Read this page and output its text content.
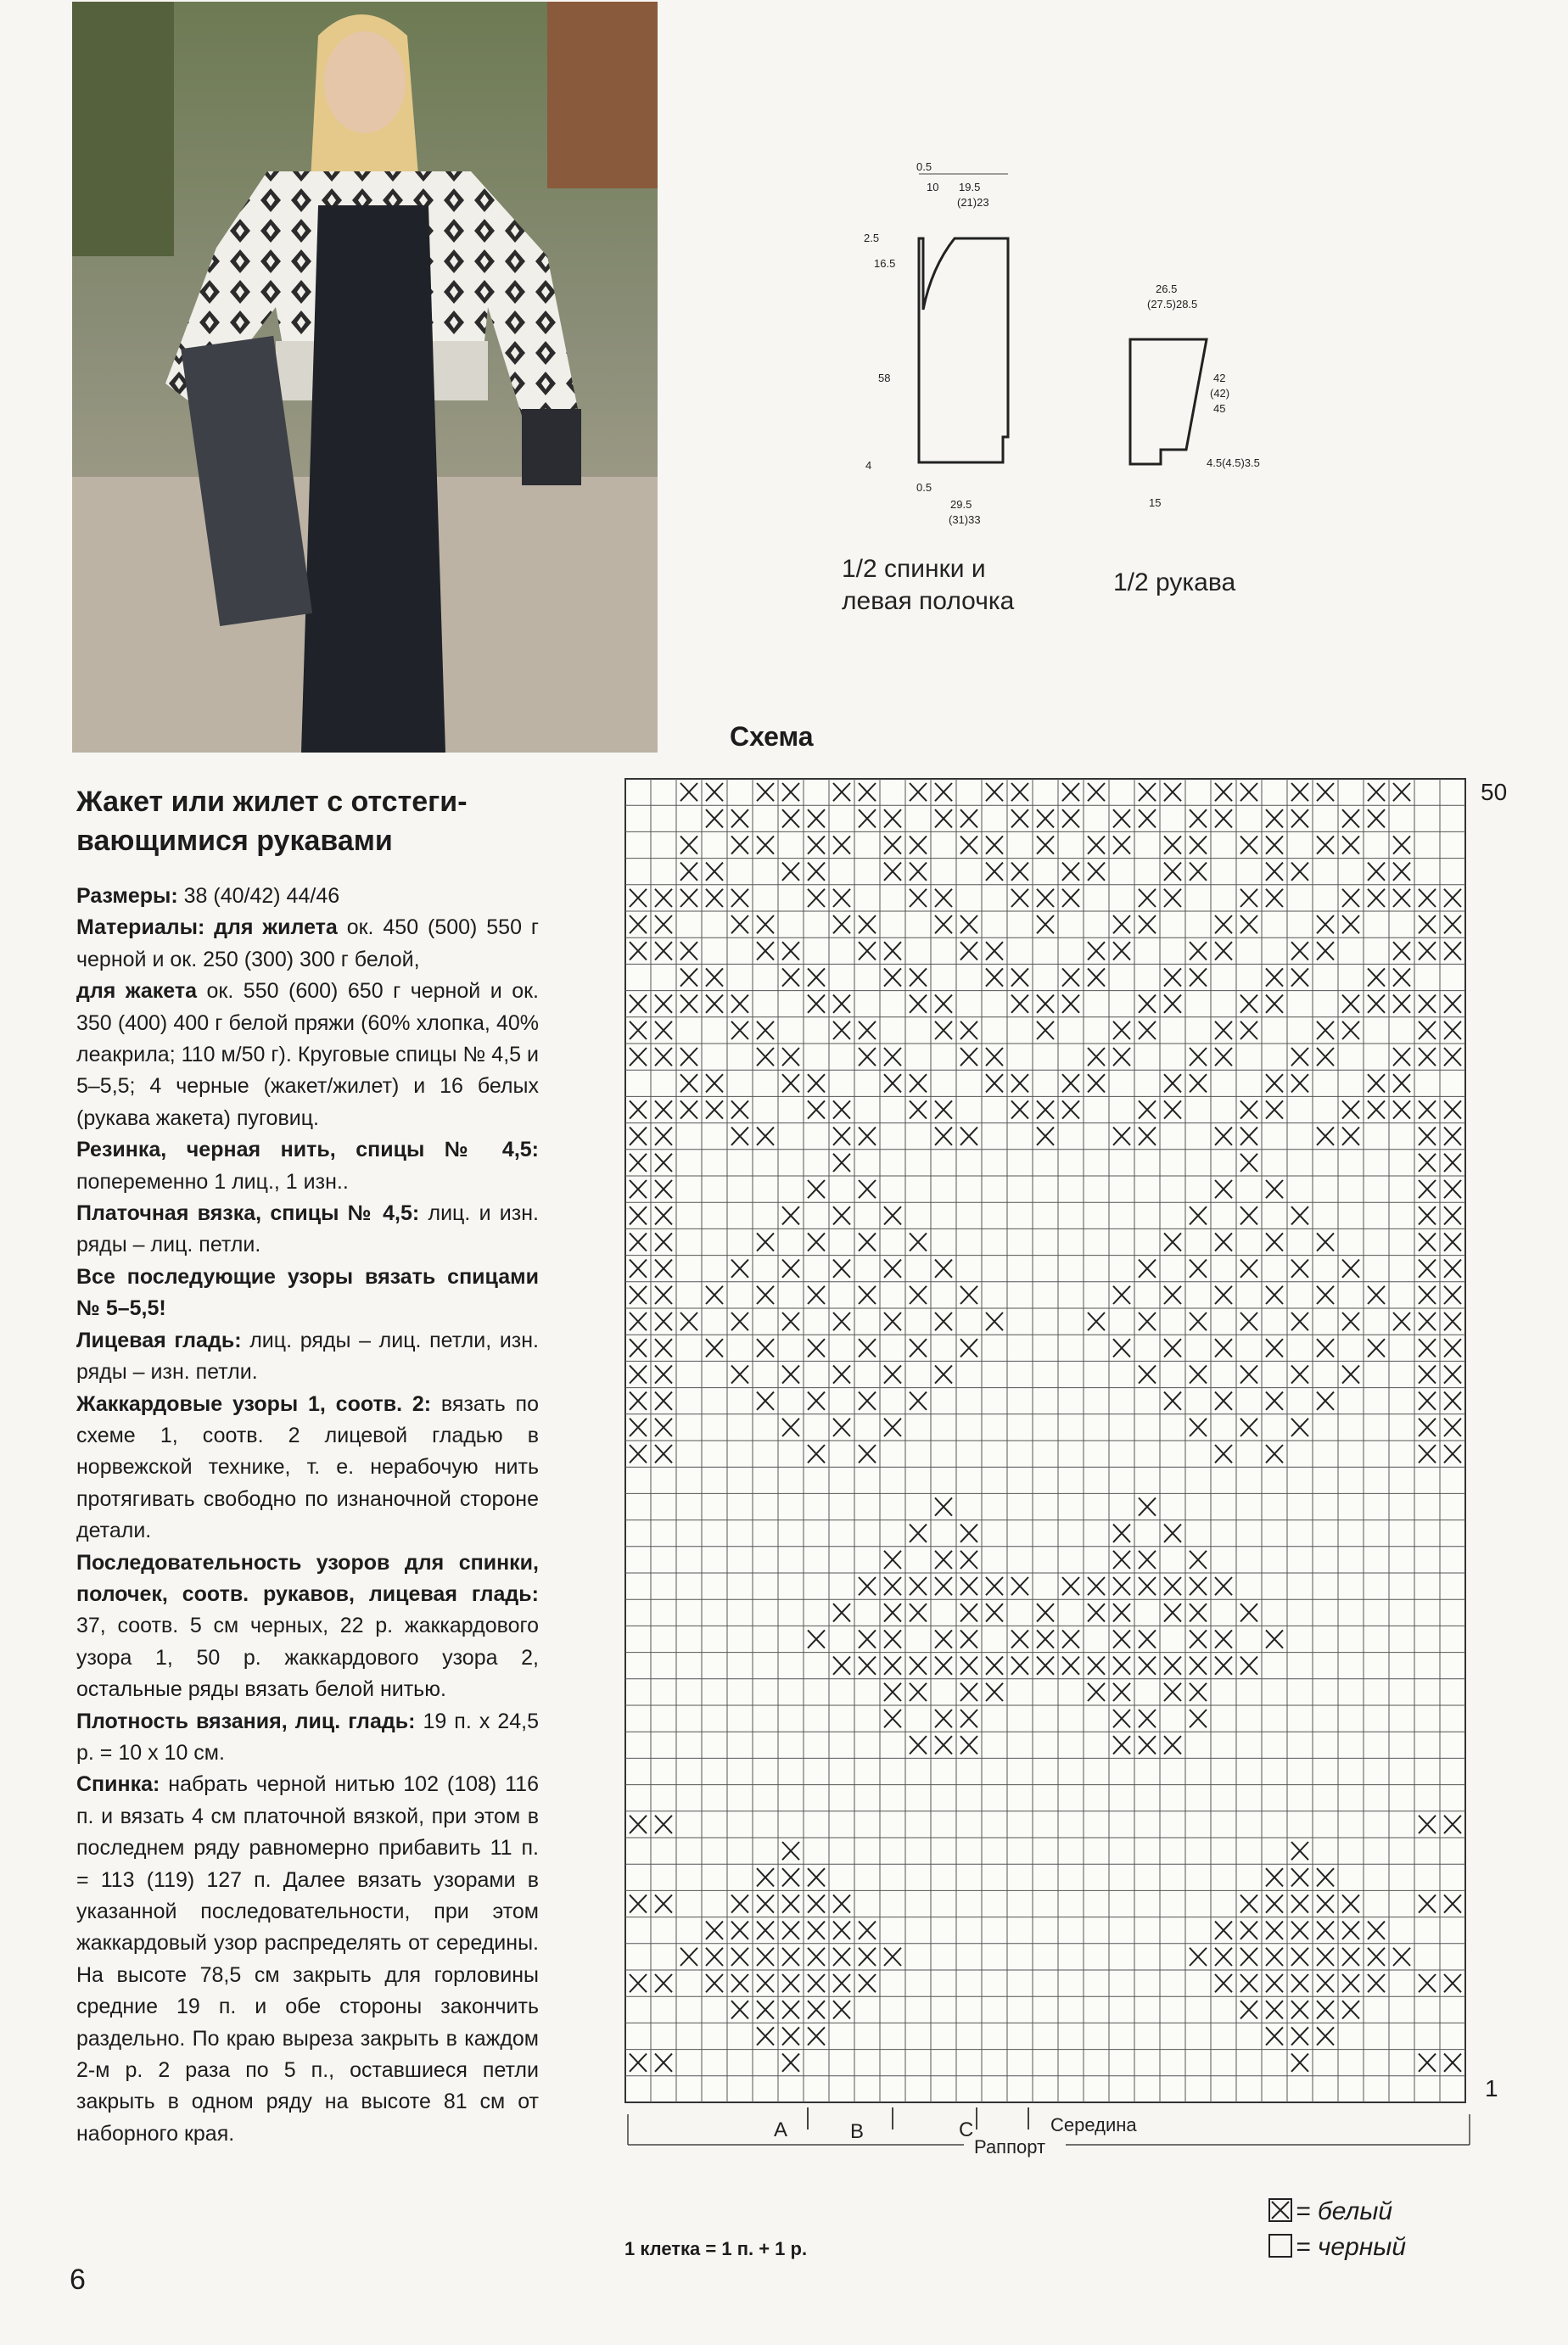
0.5
10 19.5
(21)23
2.5
16.5
58
4
0.5
29.5
(31)33
26.5
(27.5)28.5
42
(42)
45
4.5(4.5)3.5
15
1/2 спинки и
левая полочка
1/2 рукава
Жакет или жилет с отстеги-вающимися рукавами

Размеры: 38 (40/42) 44/46

Материалы: для жилета ок. 450 (500) 550 г черной и ок. 250 (300) 300 г белой,

для жакета ок. 550 (600) 650 г черной и ок. 350 (400) 400 г белой пряжи (60% хлопка, 40% леакрила; 110 м/50 г). Круговые спицы № 4,5 и 5–5,5; 4 черные (жакет/жилет) и 16 белых (рукава жакета) пуговиц.

Резинка, черная нить, спицы № 4,5: попеременно 1 лиц., 1 изн..

Платочная вязка, спицы № 4,5: лиц. и изн. ряды – лиц. петли.

Все последующие узоры вязать спицами № 5–5,5!

Лицевая гладь: лиц. ряды – лиц. петли, изн. ряды – изн. петли.

Жаккардовые узоры 1, соотв. 2: вязать по схеме 1, соотв. 2 лицевой гладью в норвежской технике, т. е. нерабочую нить протягивать свободно по изнаночной стороне детали.

Последовательность узоров для спинки, полочек, соотв. рукавов, лицевая гладь: 37, соотв. 5 см черных, 22 р. жаккардового узора 1, 50 р. жаккардового узора 2, остальные ряды вязать белой нитью.

Плотность вязания, лиц. гладь: 19 п. x 24,5 р. = 10 x 10 см.

Спинка: набрать черной нитью 102 (108) 116 п. и вязать 4 см платочной вязкой, при этом в последнем ряду равномерно прибавить 11 п. = 113 (119) 127 п. Далее вязать узорами в указанной последовательности, при этом жаккардовый узор распределять от середины. На высоте 78,5 см закрыть для горловины средние 19 п. и обе стороны закончить раздельно. По краю выреза закрыть в каждом 2-м р. 2 раза по 5 п., оставшиеся петли закрыть в одном ряду на высоте 81 см от наборного края.

6
Схема
50
1
A	B	C	Середина
Раппорт
= белый
= черный
1 клетка = 1 п. + 1 р.
